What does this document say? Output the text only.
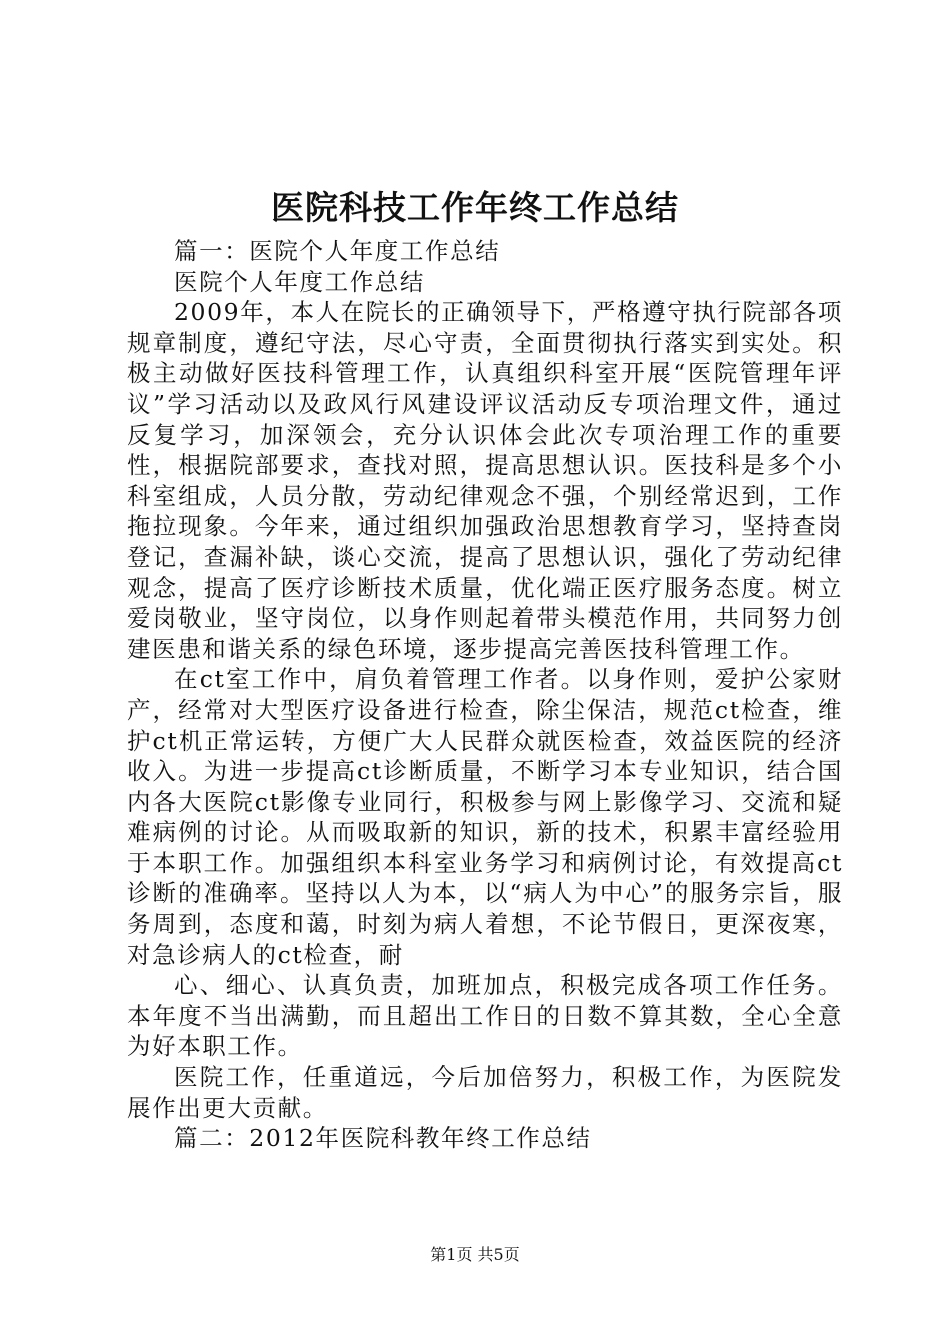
医院科技工作年终工作总结

篇一：医院个人年度工作总结

医院个人年度工作总结

2009年，本人在院长的正确领导下，严格遵守执行院部各项规章制度，遵纪守法，尽心守责，全面贯彻执行落实到实处。积极主动做好医技科管理工作，认真组织科室开展“医院管理年评议”学习活动以及政风行风建设评议活动反专项治理文件，通过反复学习，加深领会，充分认识体会此次专项治理工作的重要性，根据院部要求，查找对照，提高思想认识。医技科是多个小科室组成，人员分散，劳动纪律观念不强，个别经常迟到，工作拖拉现象。今年来，通过组织加强政治思想教育学习，坚持查岗登记，查漏补缺，谈心交流，提高了思想认识，强化了劳动纪律观念，提高了医疗诊断技术质量，优化端正医疗服务态度。树立爱岗敬业，坚守岗位，以身作则起着带头模范作用，共同努力创建医患和谐关系的绿色环境，逐步提高完善医技科管理工作。

在ct室工作中，肩负着管理工作者。以身作则，爱护公家财产，经常对大型医疗设备进行检查，除尘保洁，规范ct检查，维护ct机正常运转，方便广大人民群众就医检查，效益医院的经济收入。为进一步提高ct诊断质量，不断学习本专业知识，结合国内各大医院ct影像专业同行，积极参与网上影像学习、交流和疑难病例的讨论。从而吸取新的知识，新的技术，积累丰富经验用于本职工作。加强组织本科室业务学习和病例讨论，有效提高ct诊断的准确率。坚持以人为本，以“病人为中心”的服务宗旨，服务周到，态度和蔼，时刻为病人着想，不论节假日，更深夜寒，对急诊病人的ct检查，耐

心、细心、认真负责，加班加点，积极完成各项工作任务。本年度不当出满勤，而且超出工作日的日数不算其数，全心全意为好本职工作。

医院工作，任重道远，今后加倍努力，积极工作，为医院发展作出更大贡献。

篇二：2012年医院科教年终工作总结

第1页 共5页
